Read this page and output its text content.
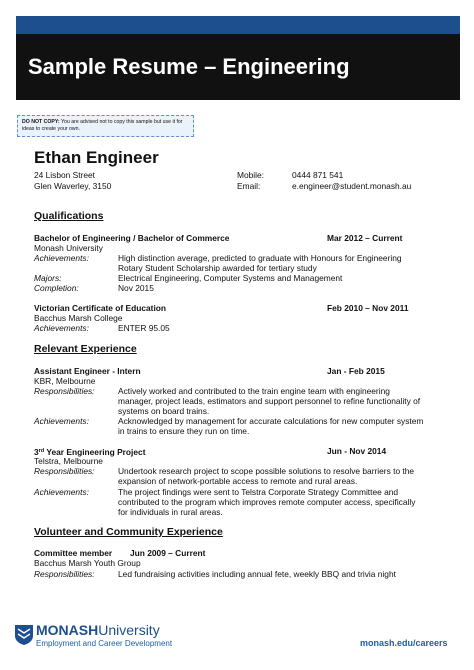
Sample Resume – Engineering
DO NOT COPY: You are advised not to copy this sample but use it for ideas to create your own.
Ethan Engineer
24 Lisbon Street
Glen Waverley, 3150
Mobile:	0444 871 541
Email:	e.engineer@student.monash.au
Qualifications
Bachelor of Engineering / Bachelor of Commerce	Mar 2012 – Current
Monash University
Achievements:	High distinction average, predicted to graduate with Honours for Engineering
Rotary Student Scholarship awarded for tertiary study
Majors:	Electrical Engineering, Computer Systems and Management
Completion:	Nov 2015
Victorian Certificate of Education	Feb 2010 – Nov 2011
Bacchus Marsh College
Achievements:	ENTER 95.05
Relevant Experience
Assistant Engineer - Intern	Jan - Feb 2015
KBR, Melbourne
Responsibilities:	Actively worked and contributed to the train engine team with engineering
manager, project leads, estimators and support personnel to refine functionality of
systems on board trains.
Achievements:	Acknowledged by management for accurate calculations for new computer system
in trains to ensure they run on time.
3rd Year Engineering Project	Jun - Nov 2014
Telstra, Melbourne
Responsibilities:	Undertook research project to scope possible solutions to resolve barriers to the
expansion of network-portable access to remote and rural areas.
Achievements:	The project findings were sent to Telstra Corporate Strategy Committee and
contributed to the program which improves remote computer access, specifically
for individuals in rural areas.
Volunteer and Community Experience
Committee member Jun 2009 – Current
Bacchus Marsh Youth Group
Responsibilities:	Led fundraising activities including annual fete, weekly BBQ and trivia night
MONASHUniversity
Employment and Career Development	monash.edu/careers
